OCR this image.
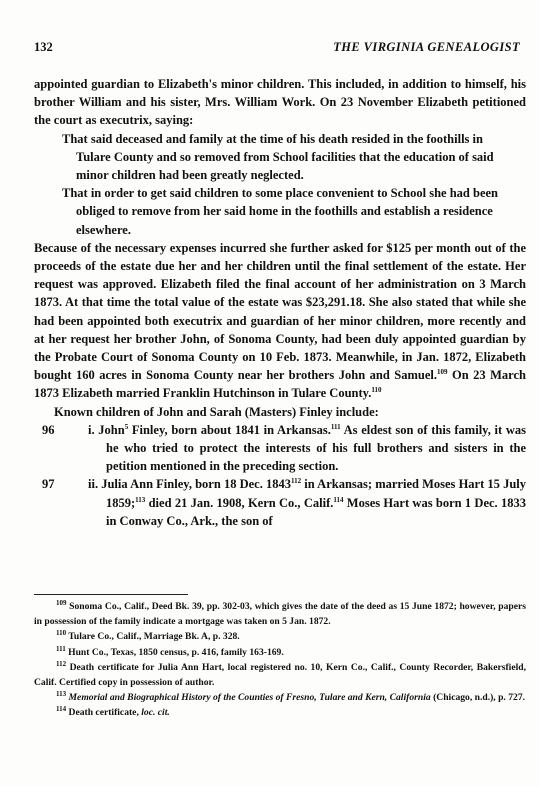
132	THE VIRGINIA GENEALOGIST

appointed guardian to Elizabeth's minor children. This included, in addition to himself, his brother William and his sister, Mrs. William Work. On 23 November Elizabeth petitioned the court as executrix, saying:

That said deceased and family at the time of his death resided in the foothills in Tulare County and so removed from School facilities that the education of said minor children had been greatly neglected.

That in order to get said children to some place convenient to School she had been obliged to remove from her said home in the foothills and establish a residence elsewhere.

Because of the necessary expenses incurred she further asked for $125 per month out of the proceeds of the estate due her and her children until the final settlement of the estate. Her request was approved. Elizabeth filed the final account of her administration on 3 March 1873. At that time the total value of the estate was $23,291.18. She also stated that while she had been appointed both executrix and guardian of her minor children, more recently and at her request her brother John, of Sonoma County, had been duly appointed guardian by the Probate Court of Sonoma County on 10 Feb. 1873. Meanwhile, in Jan. 1872, Elizabeth bought 160 acres in Sonoma County near her brothers John and Samuel.$^{109}$ On 23 March 1873 Elizabeth married Franklin Hutchinson in Tulare County.$^{110}$

Known children of John and Sarah (Masters) Finley include:

96	i. John$^5$ Finley, born about 1841 in Arkansas.$^{111}$ As eldest son of this family, it was he who tried to protect the interests of his full brothers and sisters in the petition mentioned in the preceding section.
97	ii. Julia Ann Finley, born 18 Dec. 1843$^{112}$ in Arkansas; married Moses Hart 15 July 1859;$^{113}$ died 21 Jan. 1908, Kern Co., Calif.$^{114}$ Moses Hart was born 1 Dec. 1833 in Conway Co., Ark., the son of

$^{109}$ Sonoma Co., Calif., Deed Bk. 39, pp. 302-03, which gives the date of the deed as 15 June 1872; however, papers in possession of the family indicate a mortgage was taken on 5 Jan. 1872.

$^{110}$ Tulare Co., Calif., Marriage Bk. A, p. 328.

$^{111}$ Hunt Co., Texas, 1850 census, p. 416, family 163-169.

$^{112}$ Death certificate for Julia Ann Hart, local registered no. 10, Kern Co., Calif., County Recorder, Bakersfield, Calif. Certified copy in possession of author.

$^{113}$ Memorial and Biographical History of the Counties of Fresno, Tulare and Kern, California (Chicago, n.d.), p. 727.

$^{114}$ Death certificate, loc. cit.
